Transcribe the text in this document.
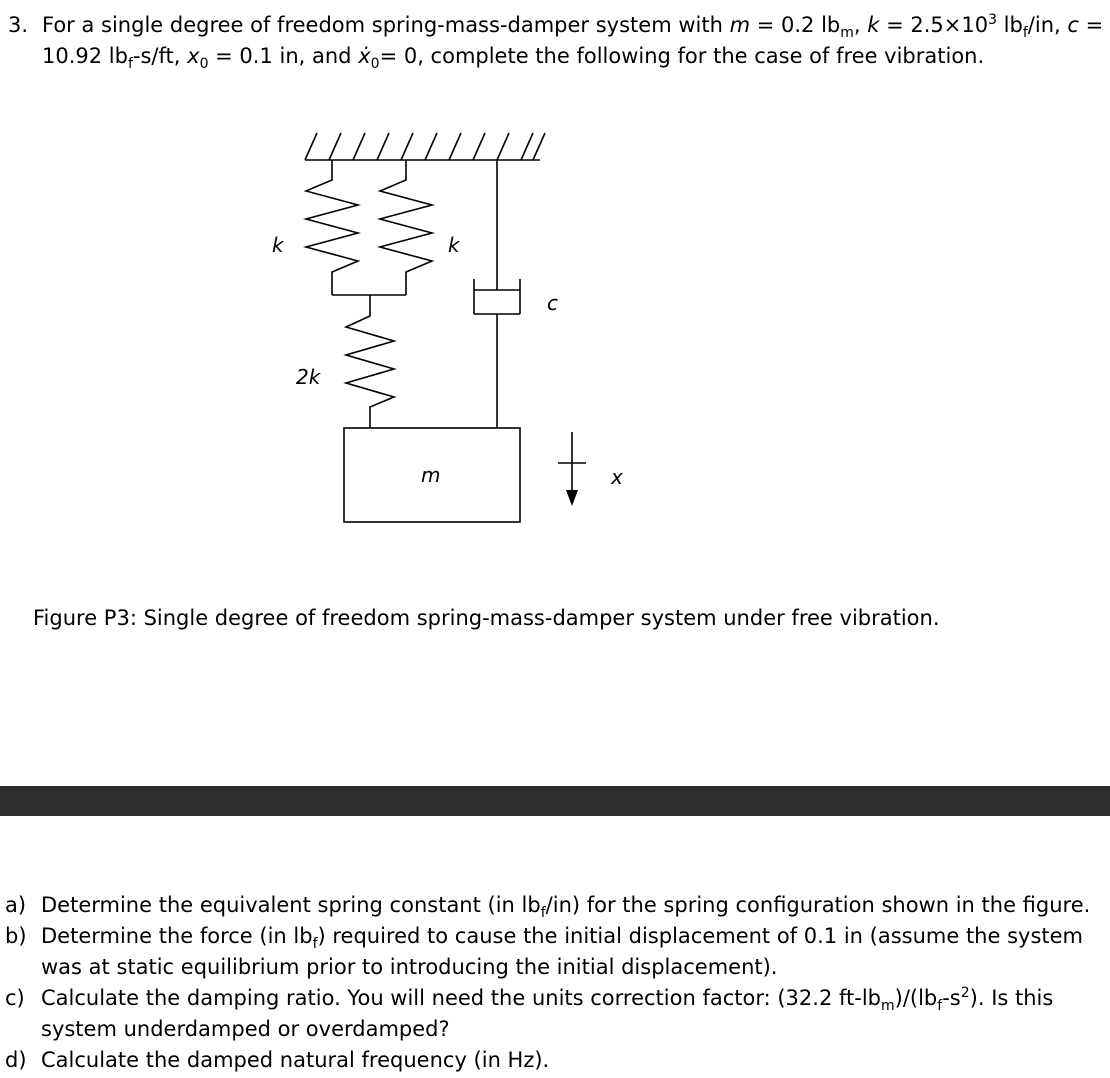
3. For a single degree of freedom spring-mass-damper system with m = 0.2 $lb_m$, $k = 2.5\times 10^3$ $lb_f/in$, c = 10.92 $lb_f-s/ft$, $x_0 = 0.1$ in, and ẋ$_0$= 0, complete the following for the case of free vibration.
k	k
2k
c
m	x
Figure P3: Single degree of freedom spring-mass-damper system under free vibration.
a) Determine the equivalent spring constant (in $lb_f/in$) for the spring configuration shown in the figure.
b) Determine the force (in $lb_f$) required to cause the initial displacement of 0.1 in (assume the system was at static equilibrium prior to introducing the initial displacement).
c) Calculate the damping ratio. You will need the units correction factor: (32.2 $ft-lb_m)/(lb_f-s^2)$. Is this system underdamped or overdamped?
d) Calculate the damped natural frequency (in Hz).
